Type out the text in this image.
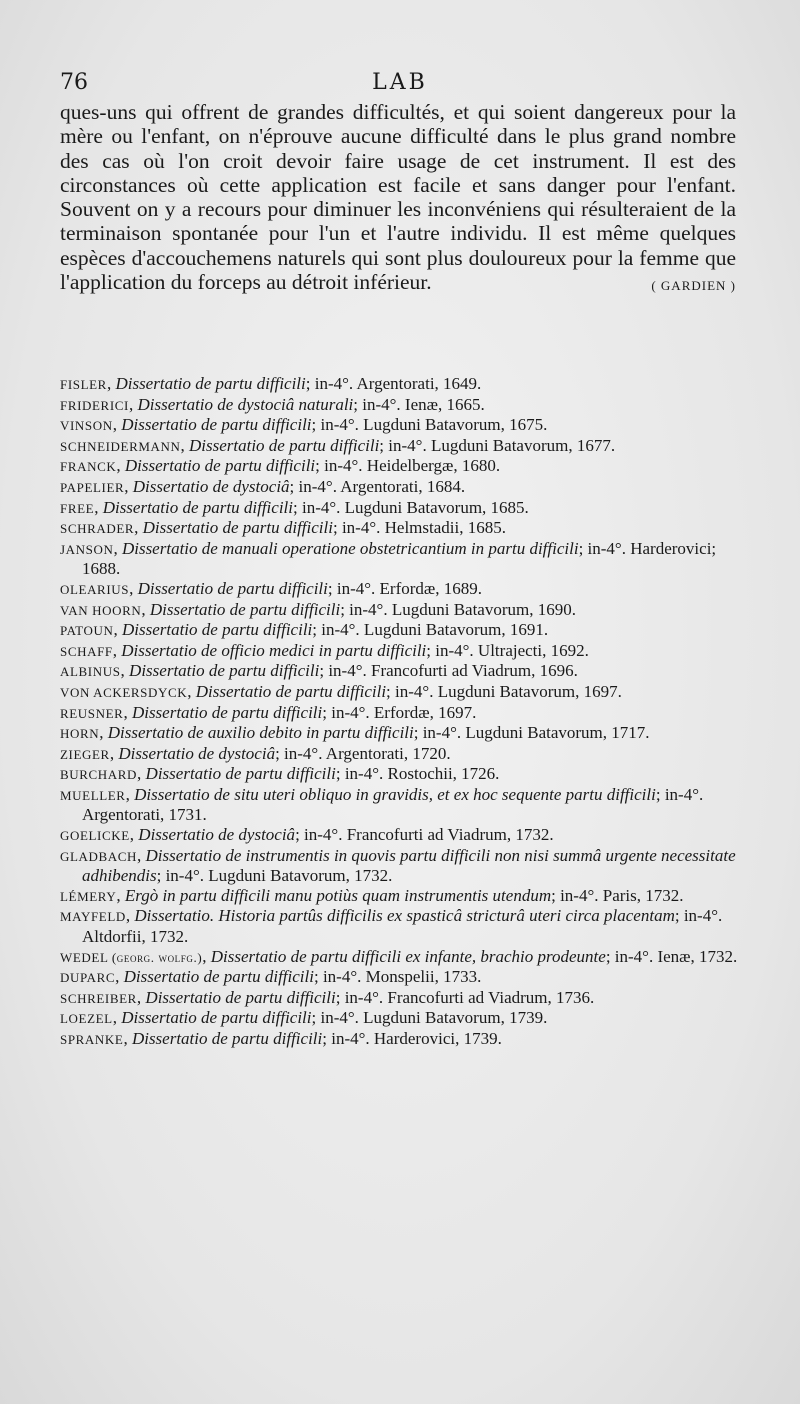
76	LAB

ques-uns qui offrent de grandes difficultés, et qui soient dangereux pour la mère ou l'enfant, on n'éprouve aucune difficulté dans le plus grand nombre des cas où l'on croit devoir faire usage de cet instrument. Il est des circonstances où cette application est facile et sans danger pour l'enfant. Souvent on y a recours pour diminuer les inconvéniens qui résulteraient de la terminaison spontanée pour l'un et l'autre individu. Il est même quelques espèces d'accouchemens naturels qui sont plus douloureux pour la femme que l'application du forceps au détroit inférieur.	( GARDIEN )

FISLER, Dissertatio de partu difficili; in-4°. Argentorati, 1649.

FRIDERICI, Dissertatio de dystociâ naturali; in-4°. Ienæ, 1665.

VINSON, Dissertatio de partu difficili; in-4°. Lugduni Batavorum, 1675.

SCHNEIDERMANN, Dissertatio de partu difficili; in-4°. Lugduni Batavorum, 1677.

FRANCK, Dissertatio de partu difficili; in-4°. Heidelbergæ, 1680.

PAPELIER, Dissertatio de dystociâ; in-4°. Argentorati, 1684.

FREE, Dissertatio de partu difficili; in-4°. Lugduni Batavorum, 1685.

SCHRADER, Dissertatio de partu difficili; in-4°. Helmstadii, 1685.

JANSON, Dissertatio de manuali operatione obstetricantium in partu difficili; in-4°. Harderovici; 1688.

OLEARIUS, Dissertatio de partu difficili; in-4°. Erfordæ, 1689.

VAN HOORN, Dissertatio de partu difficili; in-4°. Lugduni Batavorum, 1690.

PATOUN, Dissertatio de partu difficili; in-4°. Lugduni Batavorum, 1691.

SCHAFF, Dissertatio de officio medici in partu difficili; in-4°. Ultrajecti, 1692.

ALBINUS, Dissertatio de partu difficili; in-4°. Francofurti ad Viadrum, 1696.

VON ACKERSDYCK, Dissertatio de partu difficili; in-4°. Lugduni Batavorum, 1697.

REUSNER, Dissertatio de partu difficili; in-4°. Erfordæ, 1697.

HORN, Dissertatio de auxilio debito in partu difficili; in-4°. Lugduni Batavorum, 1717.

ZIEGER, Dissertatio de dystociâ; in-4°. Argentorati, 1720.

BURCHARD, Dissertatio de partu difficili; in-4°. Rostochii, 1726.

MUELLER, Dissertatio de situ uteri obliquo in gravidis, et ex hoc sequente partu difficili; in-4°. Argentorati, 1731.

GOELICKE, Dissertatio de dystociâ; in-4°. Francofurti ad Viadrum, 1732.

GLADBACH, Dissertatio de instrumentis in quovis partu difficili non nisi summâ urgente necessitate adhibendis; in-4°. Lugduni Batavorum, 1732.

LÉMERY, Ergò in partu difficili manu potiùs quam instrumentis utendum; in-4°. Paris, 1732.

MAYFELD, Dissertatio. Historia partûs difficilis ex spasticâ stricturâ uteri circa placentam; in-4°. Altdorfii, 1732.

WEDEL (georg. wolfg.), Dissertatio de partu difficili ex infante, brachio prodeunte; in-4°. Ienæ, 1732.

DUPARC, Dissertatio de partu difficili; in-4°. Monspelii, 1733.

SCHREIBER, Dissertatio de partu difficili; in-4°. Francofurti ad Viadrum, 1736.

LOEZEL, Dissertatio de partu difficili; in-4°. Lugduni Batavorum, 1739.

SPRANKE, Dissertatio de partu difficili; in-4°. Harderovici, 1739.
